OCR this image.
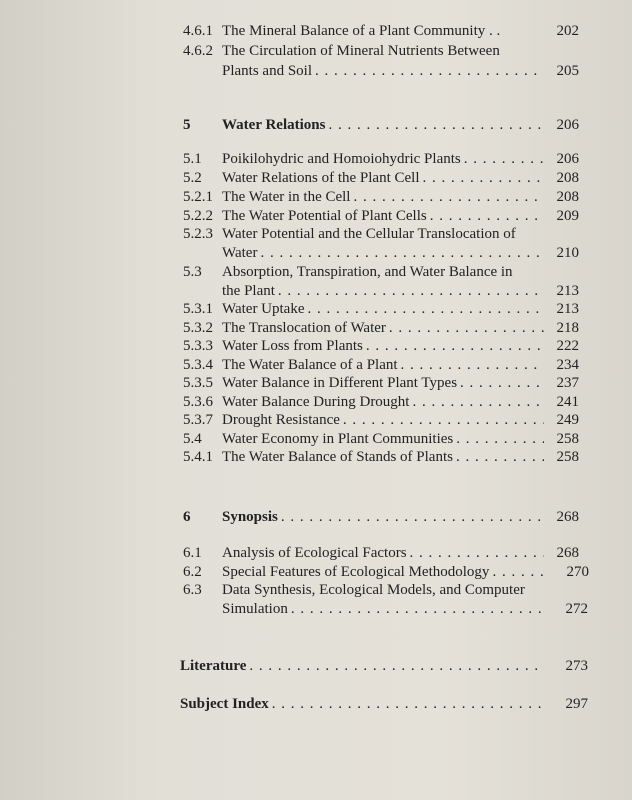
4.6.1 The Mineral Balance of a Plant Community . .	202
4.6.2 The Circulation of Mineral Nutrients Between
Plants and Soil . . .	205
5 Water Relations . . .	206
5.1 Poikilohydric and Homoiohydric Plants . . .	206
5.2 Water Relations of the Plant Cell . . .	208
5.2.1 The Water in the Cell . . .	208
5.2.2 The Water Potential of Plant Cells . . .	209
5.2.3 Water Potential and the Cellular Translocation of
Water . . .	210
5.3 Absorption, Transpiration, and Water Balance in
the Plant . . .	213
5.3.1 Water Uptake . . .	213
5.3.2 The Translocation of Water . . .	218
5.3.3 Water Loss from Plants . . .	222
5.3.4 The Water Balance of a Plant . . .	234
5.3.5 Water Balance in Different Plant Types . . .	237
5.3.6 Water Balance During Drought . . .	241
5.3.7 Drought Resistance . . .	249
5.4 Water Economy in Plant Communities . . .	258
5.4.1 The Water Balance of Stands of Plants . . .	258
6 Synopsis . . .	268
6.1 Analysis of Ecological Factors . . .	268
6.2 Special Features of Ecological Methodology . . .	270
6.3 Data Synthesis, Ecological Models, and Computer
Simulation . . .	272
Literature . . .	273
Subject Index . . .	297
